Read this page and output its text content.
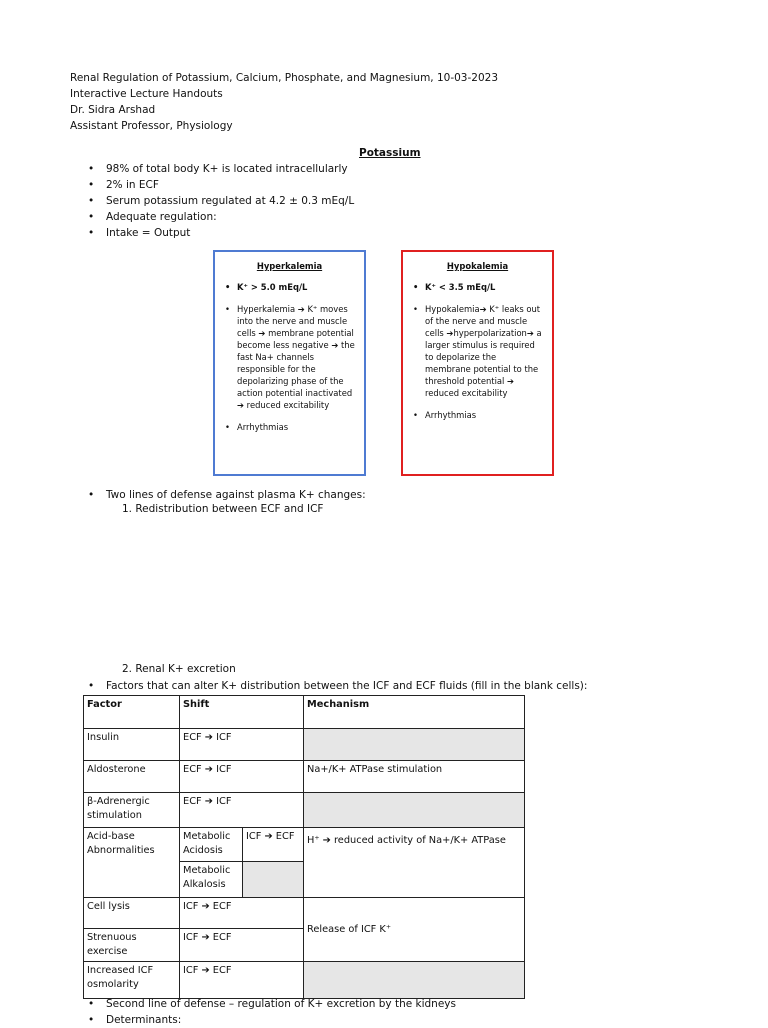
Renal Regulation of Potassium, Calcium, Phosphate, and Magnesium, 10-03-2023
Interactive Lecture Handouts
Dr. Sidra Arshad
Assistant Professor, Physiology
Potassium
• 98% of total body K+ is located intracellularly
• 2% in ECF
• Serum potassium regulated at 4.2 ± 0.3 mEq/L
• Adequate regulation:
• Intake = Output
Hyperkalemia
• K⁺ > 5.0 mEq/L
• Hyperkalemia ➔ K⁺ moves into the nerve and muscle cells ➔ membrane potential become less negative ➔ the fast Na+ channels responsible for the depolarizing phase of the action potential inactivated ➔ reduced excitability
• Arrhythmias
Hypokalemia
• K⁺ < 3.5 mEq/L
• Hypokalemia➔ K⁺ leaks out of the nerve and muscle cells ➔hyperpolarization➔ a larger stimulus is required to depolarize the membrane potential to the threshold potential ➔ reduced excitability
• Arrhythmias
• Two lines of defense against plasma K+ changes:
1. Redistribution between ECF and ICF
2. Renal K+ excretion
• Factors that can alter K+ distribution between the ICF and ECF fluids (fill in the blank cells):
Factor	Shift		Mechanism
Insulin	ECF ➔ ICF		
Aldosterone	ECF ➔ ICF		Na+/K+ ATPase stimulation
β-Adrenergic stimulation	ECF ➔ ICF		
Acid-base Abnormalities	Metabolic Acidosis	ICF ➔ ECF	H⁺ ➔ reduced activity of Na+/K+ ATPase
	Metabolic Alkalosis		
Cell lysis	ICF ➔ ECF		Release of ICF K⁺
Strenuous exercise	ICF ➔ ECF		
Increased ICF osmolarity	ICF ➔ ECF		
• Second line of defense – regulation of K+ excretion by the kidneys
• Determinants:
